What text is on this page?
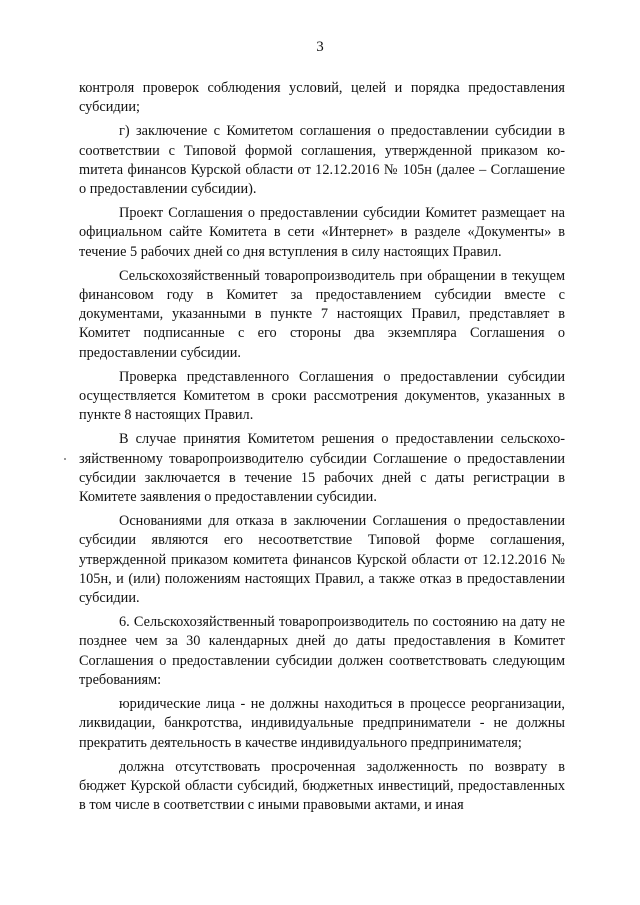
3

контроля проверок соблюдения условий, целей и порядка предоставления субсидии;

г) заключение с Комитетом соглашения о предоставлении субсидии в соответствии с Типовой формой соглашения, утвержденной приказом коmитета финансов Курской области от 12.12.2016 № 105н (далее – Соглашение о предоставлении субсидии).

Проект Соглашения о предоставлении субсидии Комитет размещает на официальном сайте Комитета в сети «Интернет» в разделе «Документы» в течение 5 рабочих дней со дня вступления в силу настоящих Правил.

Сельскохозяйственный товаропроизводитель при обращении в текущем финансовом году в Комитет за предоставлением субсидии вместе с документами, указанными в пункте 7 настоящих Правил, представляет в Комитет подписанные с его стороны два экземпляра Соглашения о предоставлении субсидии.

Проверка представленного Соглашения о предоставлении субсидии осуществляется Комитетом в сроки рассмотрения документов, указанных в пункте 8 настоящих Правил.

В случае принятия Комитетом решения о предоставлении сельскохозяйственному товаропроизводителю субсидии Соглашение о предоставлении субсидии заключается в течение 15 рабочих дней с даты регистрации в Комитете заявления о предоставлении субсидии.

Основаниями для отказа в заключении Соглашения о предоставлении субсидии являются его несоответствие Типовой форме соглашения, утвержденной приказом комитета финансов Курской области от 12.12.2016 № 105н, и (или) положениям настоящих Правил, а также отказ в предоставлении субсидии.

6. Сельскохозяйственный товаропроизводитель по состоянию на дату не позднее чем за 30 календарных дней до даты предоставления в Комитет Соглашения о предоставлении субсидии должен соответствовать следующим требованиям:

юридические лица - не должны находиться в процессе реорганизации, ликвидации, банкротства, индивидуальные предприниматели - не должны прекратить деятельность в качестве индивидуального предпринимателя;

должна отсутствовать просроченная задолженность по возврату в бюджет Курской области субсидий, бюджетных инвестиций, предоставленных в том числе в соответствии с иными правовыми актами, и иная
